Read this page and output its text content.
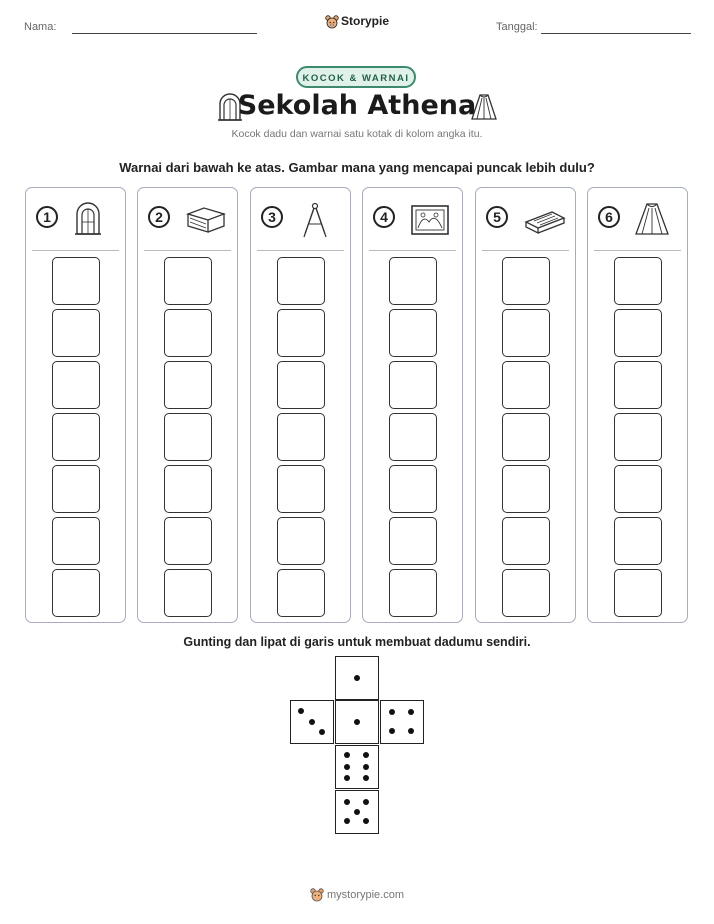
Nama:	Storypie	Tanggal:
KOCOK & WARNAI
Sekolah Athena
Kocok dadu dan warnai satu kotak di kolom angka itu.
Warnai dari bawah ke atas. Gambar mana yang mencapai puncak lebih dulu?
1	2	3	4	5	6
Gunting dan lipat di garis untuk membuat dadumu sendiri.
mystorypie.com
